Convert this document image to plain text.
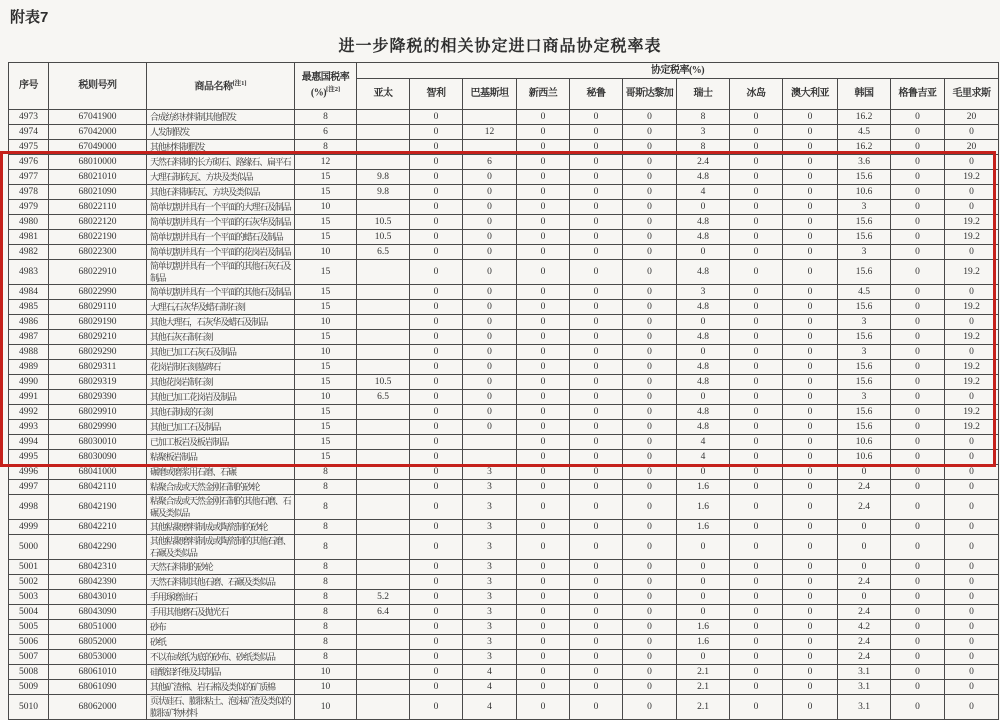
附表7
进一步降税的相关协定进口商品协定税率表
序号	税则号列	商品名称[注1]	最惠国税率
(%)[注2]	协定税率(%)											
				亚太	智利	巴基斯坦	新西兰	秘鲁	哥斯达黎加	瑞士	冰岛	澳大利亚	韩国	格鲁吉亚	毛里求斯
4973	67041900	合成纺织材料制其他假发	8		0		0	0	0	8	0	0	16.2	0	20
4974	67042000	人发制假发	6		0	12	0	0	0	3	0	0	4.5	0	0
4975	67049000	其他材料制假发	8		0		0	0	0	8	0	0	16.2	0	20
4976	68010000	天然石料制的长方砌石、路缘石、扁平石	12		0	6	0	0	0	2.4	0	0	3.6	0	0
4977	68021010	大理石制砖,瓦、方块及类似品	15	9.8	0	0	0	0	0	4.8	0	0	15.6	0	19.2
4978	68021090	其他石料制砖瓦、方块及类似品	15	9.8	0	0	0	0	0	4	0	0	10.6	0	0
4979	68022110	简单切割并具有一个平面的大理石及制品	10		0	0	0	0	0	0	0	0	3	0	0
4980	68022120	简单切割并具有一个平面的石灰华及制品	15	10.5	0	0	0	0	0	4.8	0	0	15.6	0	19.2
4981	68022190	简单切割并具有一个平面的蜡石及制品	15	10.5	0	0	0	0	0	4.8	0	0	15.6	0	19.2
4982	68022300	简单切割并具有一个平面的花岗岩及制品	10	6.5	0	0	0	0	0	0	0	0	3	0	0
4983	68022910	简单切割并具有一个平面的其他石灰石及制品	15		0	0	0	0	0	4.8	0	0	15.6	0	19.2
4984	68022990	简单切割并具有一个平面的其他石及制品	15		0	0	0	0	0	3	0	0	4.5	0	0
4985	68029110	大理石,石灰华及蜡石制石刻	15		0	0	0	0	0	4.8	0	0	15.6	0	19.2
4986	68029190	其他大理石，石灰华及蜡石及制品	10		0	0	0	0	0	0	0	0	3	0	0
4987	68029210	其他石灰石制石刻	15		0	0	0	0	0	4.8	0	0	15.6	0	19.2
4988	68029290	其他已加工石灰石及制品	10		0	0	0	0	0	0	0	0	3	0	0
4989	68029311	花岗岩制石刻墓碑石	15		0	0	0	0	0	4.8	0	0	15.6	0	19.2
4990	68029319	其他花岗岩制石刻	15	10.5	0	0	0	0	0	4.8	0	0	15.6	0	19.2
4991	68029390	其他已加工花岗岩及制品	10	6.5	0	0	0	0	0	0	0	0	3	0	0
4992	68029910	其他石制成的石刻	15		0	0	0	0	0	4.8	0	0	15.6	0	19.2
4993	68029990	其他已加工石及制品	15		0	0	0	0	0	4.8	0	0	15.6	0	19.2
4994	68030010	已加工板岩及板岩制品	15		0		0	0	0	4	0	0	10.6	0	0
4995	68030090	粘聚板岩制品	15		0		0	0	0	4	0	0	10.6	0	0
4996	68041000	碾磨或磨浆用石磨、石碾	8		0	3	0	0	0	0	0	0	0	0	0
4997	68042110	粘聚合成或天然金刚石制的砂轮	8		0	3	0	0	0	1.6	0	0	2.4	0	0
4998	68042190	粘聚合成或天然金刚石制的其他石磨、石碾及类似品	8		0	3	0	0	0	1.6	0	0	2.4	0	0
4999	68042210	其他粘聚磨料制成或陶瓷制的砂轮	8		0	3	0	0	0	1.6	0	0	0	0	0
5000	68042290	其他粘聚磨料制成或陶瓷制的其他石磨、石碾及类似品	8		0	3	0	0	0	0	0	0	0	0	0
5001	68042310	天然石料制的砂轮	8		0	3	0	0	0	0	0	0	0	0	0
5002	68042390	天然石料制其他石磨、石碾及类似品	8		0	3	0	0	0	0	0	0	2.4	0	0
5003	68043010	手用琢磨油石	8	5.2	0	3	0	0	0	0	0	0	0	0	0
5004	68043090	手用其他磨石及抛光石	8	6.4	0	3	0	0	0	0	0	0	2.4	0	0
5005	68051000	砂布	8		0	3	0	0	0	1.6	0	0	4.2	0	0
5006	68052000	砂纸	8		0	3	0	0	0	1.6	0	0	2.4	0	0
5007	68053000	不以布或纸为底的砂布、砂纸类似品	8		0	3	0	0	0	0	0	0	2.4	0	0
5008	68061010	硅酸铝纤维及其制品	10		0	4	0	0	0	2.1	0	0	3.1	0	0
5009	68061090	其他矿渣棉、岩石棉及类似的矿质棉	10		0	4	0	0	0	2.1	0	0	3.1	0	0
5010	68062000	页状硅石、膨胀粘土、泡沫矿渣及类似的膨胀矿物材料	10		0	4	0	0	0	2.1	0	0	3.1	0	0
